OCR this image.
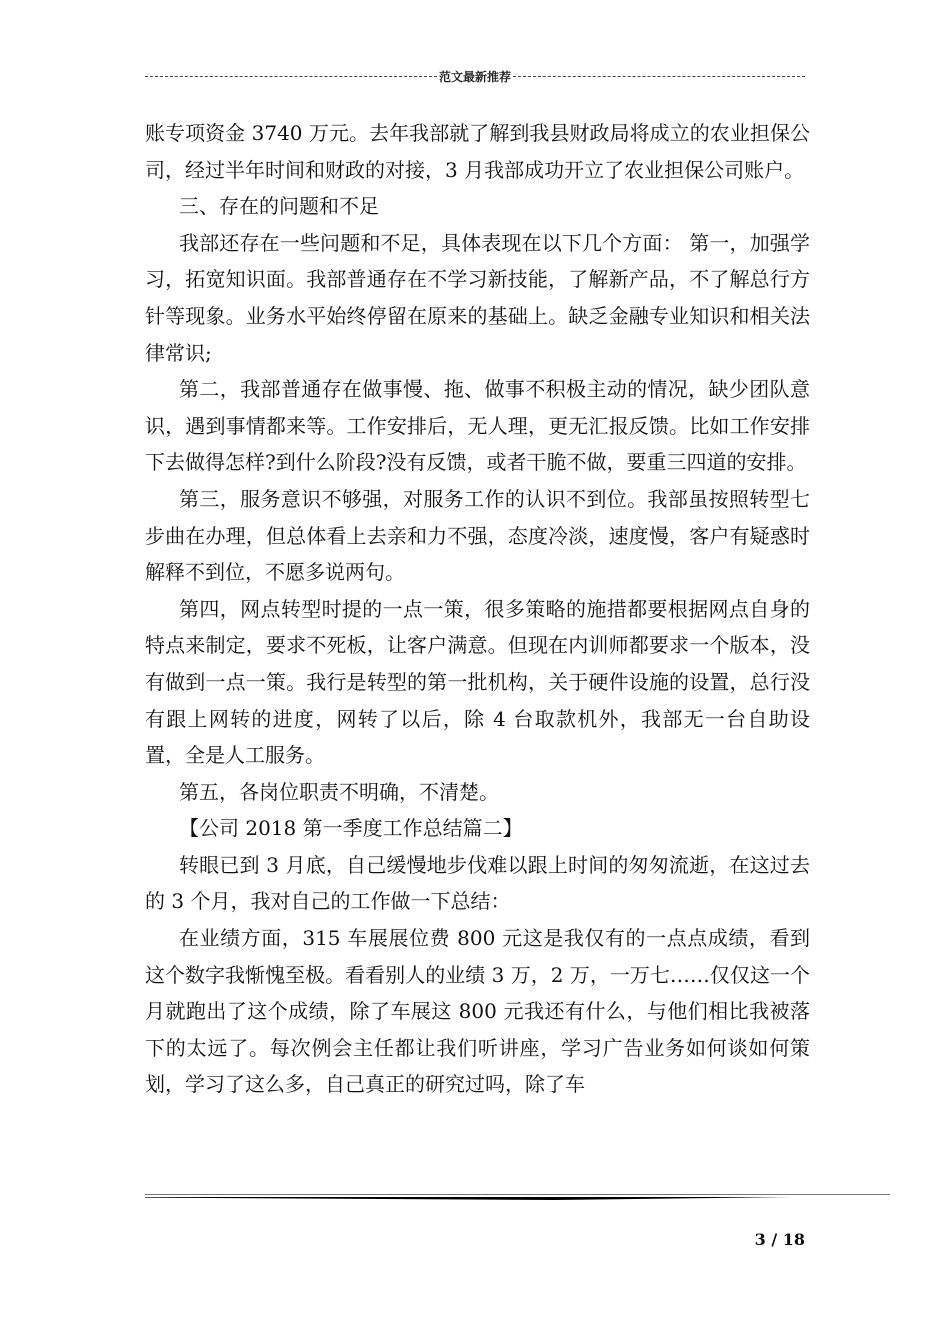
范文最新推荐

账专项资金 3740 万元。去年我部就了解到我县财政局将成立的农业担保公司，经过半年时间和财政的对接，3 月我部成功开立了农业担保公司账户。

三、存在的问题和不足

我部还存在一些问题和不足，具体表现在以下几个方面： 第一，加强学习，拓宽知识面。我部普通存在不学习新技能，了解新产品，不了解总行方针等现象。业务水平始终停留在原来的基础上。缺乏金融专业知识和相关法律常识;

第二，我部普通存在做事慢、拖、做事不积极主动的情况，缺少团队意识，遇到事情都来等。工作安排后，无人理，更无汇报反馈。比如工作安排下去做得怎样?到什么阶段?没有反馈，或者干脆不做，要重三四道的安排。

第三，服务意识不够强，对服务工作的认识不到位。我部虽按照转型七步曲在办理，但总体看上去亲和力不强，态度冷淡，速度慢，客户有疑惑时解释不到位，不愿多说两句。

第四，网点转型时提的一点一策，很多策略的施措都要根据网点自身的特点来制定，要求不死板，让客户满意。但现在内训师都要求一个版本，没有做到一点一策。我行是转型的第一批机构，关于硬件设施的设置，总行没有跟上网转的进度，网转了以后，除 4 台取款机外，我部无一台自助设置，全是人工服务。

第五，各岗位职责不明确，不清楚。

【公司 2018 第一季度工作总结篇二】

转眼已到 3 月底，自己缓慢地步伐难以跟上时间的匆匆流逝，在这过去的 3 个月，我对自己的工作做一下总结：

在业绩方面，315 车展展位费 800 元这是我仅有的一点点成绩，看到这个数字我惭愧至极。看看别人的业绩 3 万，2 万，一万七……仅仅这一个月就跑出了这个成绩，除了车展这 800 元我还有什么，与他们相比我被落下的太远了。每次例会主任都让我们听讲座，学习广告业务如何谈如何策划，学习了这么多，自己真正的研究过吗，除了车

3 / 18
